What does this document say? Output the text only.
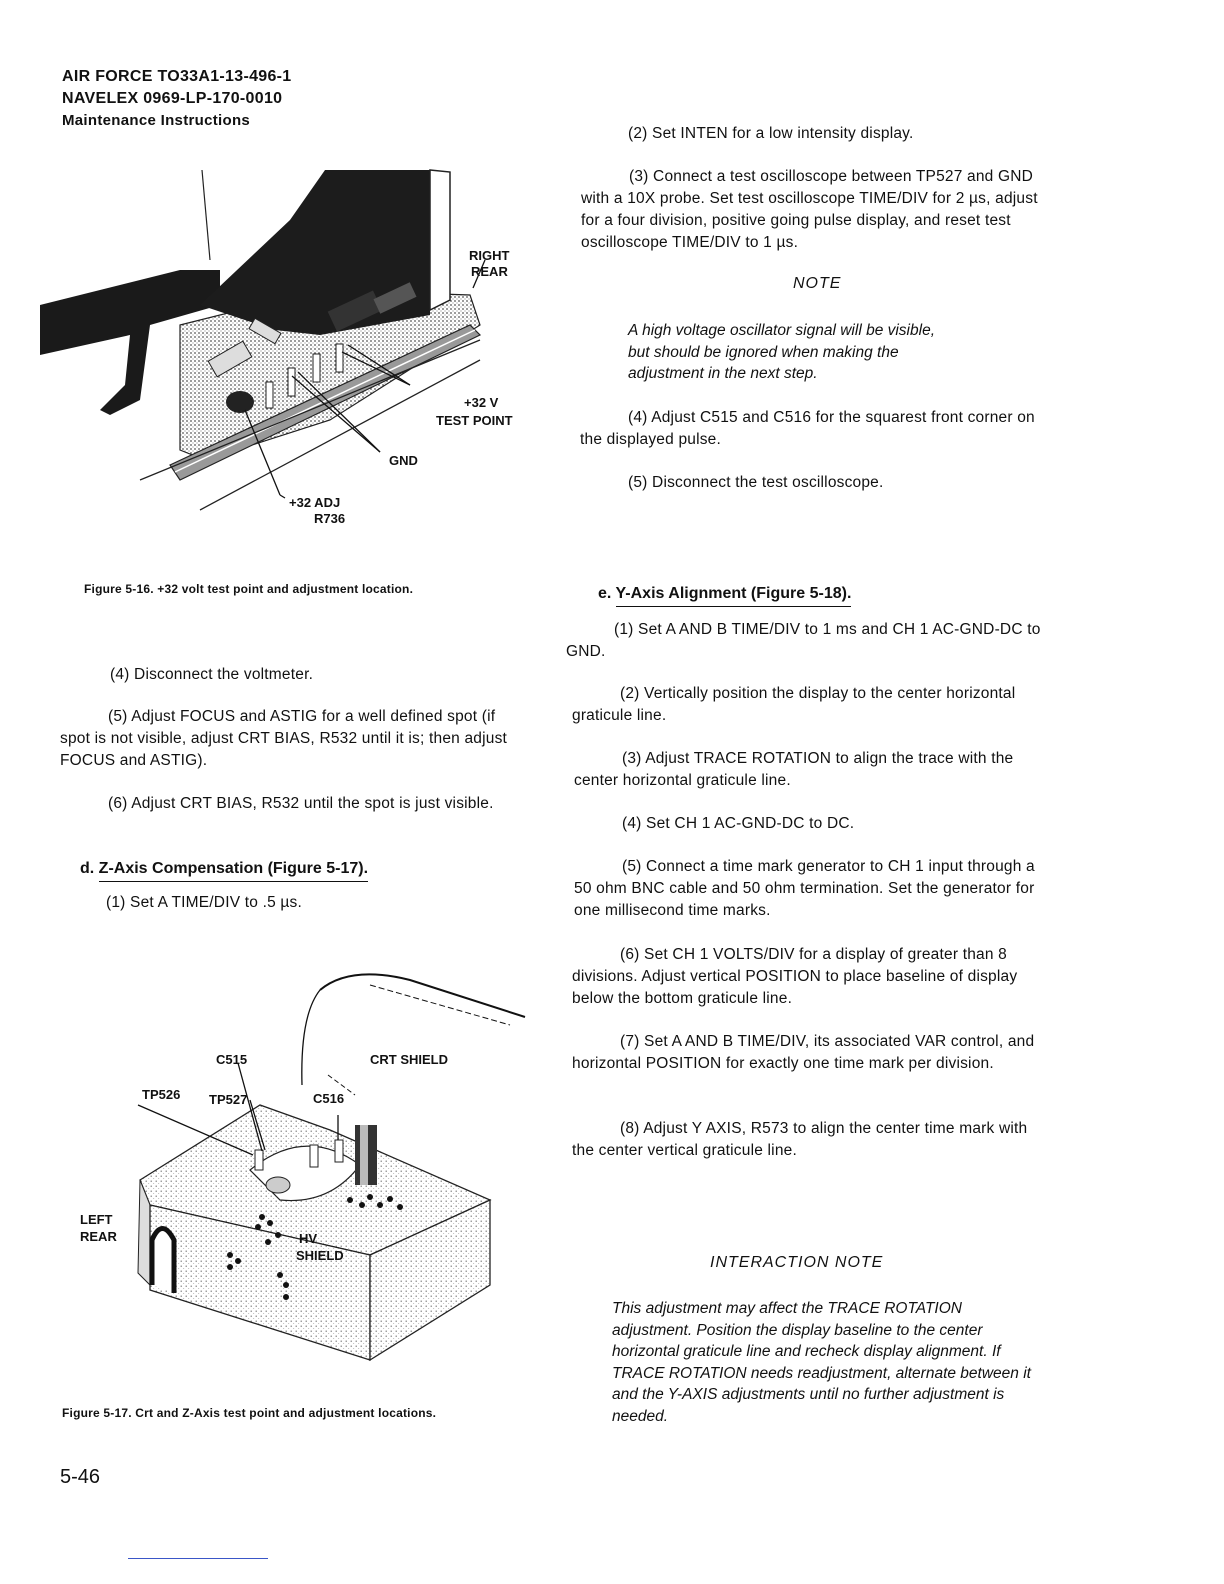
AIR FORCE TO33A1-13-496-1
NAVELEX 0969-LP-170-0010
Maintenance Instructions
RIGHT
REAR
+32 V
TEST POINT
GND
+32 ADJ
R736
Figure 5-16. +32 volt test point and adjustment location.
(4) Disconnect the voltmeter.
(5) Adjust FOCUS and ASTIG for a well defined spot (if spot is not visible, adjust CRT BIAS, R532 until it is; then adjust FOCUS and ASTIG).
(6) Adjust CRT BIAS, R532 until the spot is just visible.
d. Z-Axis Compensation (Figure 5-17).
(1) Set A TIME/DIV to .5 µs.
C515	CRT SHIELD
TP526 TP527	C516
LEFT
REAR	HV
SHIELD
Figure 5-17. Crt and Z-Axis test point and adjustment locations.
(2) Set INTEN for a low intensity display.
(3) Connect a test oscilloscope between TP527 and GND with a 10X probe. Set test oscilloscope TIME/DIV for 2 µs, adjust for a four division, positive going pulse display, and reset test oscilloscope TIME/DIV to 1 µs.
NOTE
A high voltage oscillator signal will be visible, but should be ignored when making the adjustment in the next step.
(4) Adjust C515 and C516 for the squarest front corner on the displayed pulse.
(5) Disconnect the test oscilloscope.
e. Y-Axis Alignment (Figure 5-18).
(1) Set A AND B TIME/DIV to 1 ms and CH 1 AC-GND-DC to GND.
(2) Vertically position the display to the center horizontal graticule line.
(3) Adjust TRACE ROTATION to align the trace with the center horizontal graticule line.
(4) Set CH 1 AC-GND-DC to DC.
(5) Connect a time mark generator to CH 1 input through a 50 ohm BNC cable and 50 ohm termination. Set the generator for one millisecond time marks.
(6) Set CH 1 VOLTS/DIV for a display of greater than 8 divisions. Adjust vertical POSITION to place baseline of display below the bottom graticule line.
(7) Set A AND B TIME/DIV, its associated VAR control, and horizontal POSITION for exactly one time mark per division.
(8) Adjust Y AXIS, R573 to align the center time mark with the center vertical graticule line.
INTERACTION NOTE
This adjustment may affect the TRACE ROTATION adjustment. Position the display baseline to the center horizontal graticule line and recheck display alignment. If TRACE ROTATION needs readjustment, alternate between it and the Y-AXIS adjustments until no further adjustment is needed.
5-46
